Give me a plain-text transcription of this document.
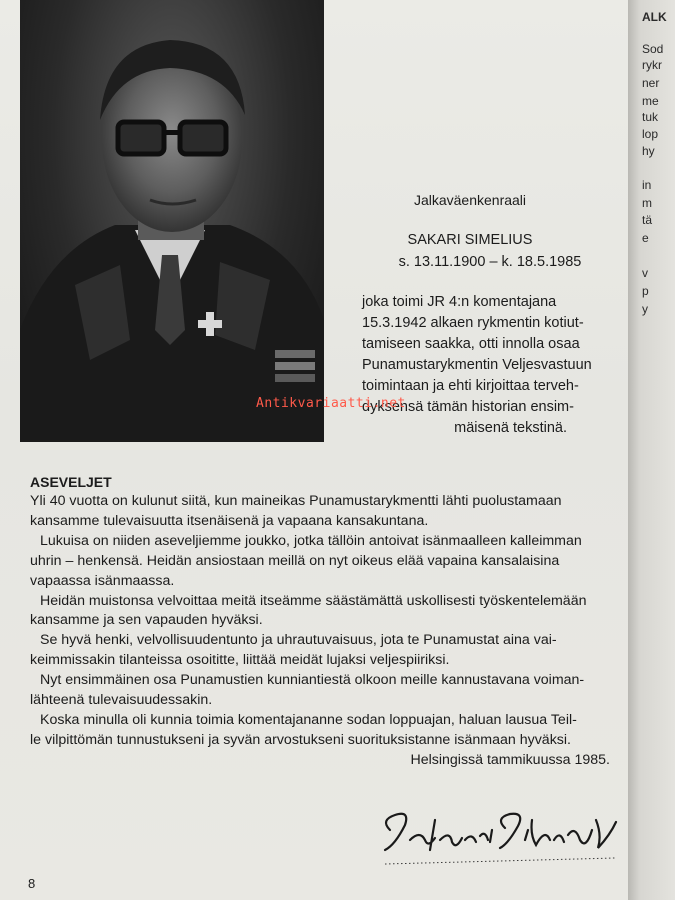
Jalkaväenkenraali
SAKARI SIMELIUS
s. 13.11.1900 – k. 18.5.1985
joka toimi JR 4:n komentajana
15.3.1942 alkaen rykmentin kotiut-
tamiseen saakka, otti innolla osaa
Punamustarykmentin Veljesvastuun
toimintaan ja ehti kirjoittaa terveh-
dyksensä tämän historian ensim-
mäisenä tekstinä.
Antikvariaatti.net
ASEVELJET
Yli 40 vuotta on kulunut siitä, kun maineikas Punamustarykmentti lähti puolustamaan
kansamme tulevaisuutta itsenäisenä ja vapaana kansakuntana.
Lukuisa on niiden aseveljiemme joukko, jotka tällöin antoivat isänmaalleen kalleimman
uhrin – henkensä. Heidän ansiostaan meillä on nyt oikeus elää vapaina kansalaisina
vapaassa isänmaassa.
Heidän muistonsa velvoittaa meitä itseämme säästämättä uskollisesti työskentelemään
kansamme ja sen vapauden hyväksi.
Se hyvä henki, velvollisuudentunto ja uhrautuvaisuus, jota te Punamustat aina vai-
keimmissakin tilanteissa osoititte, liittää meidät lujaksi veljespiiriksi.
Nyt ensimmäinen osa Punamustien kunniantiestä olkoon meille kannustavana voiman-
lähteenä tulevaisuudessakin.
Koska minulla oli kunnia toimia komentajananne sodan loppuajan, haluan lausua Teil-
le vilpittömän tunnustukseni ja syvän arvostukseni suorituksistanne isänmaan hyväksi.
Helsingissä tammikuussa 1985.
8
ALK
Sod
rykr
ner
me
tuk
lop
hy
in
m
tä
e
v
p
y
